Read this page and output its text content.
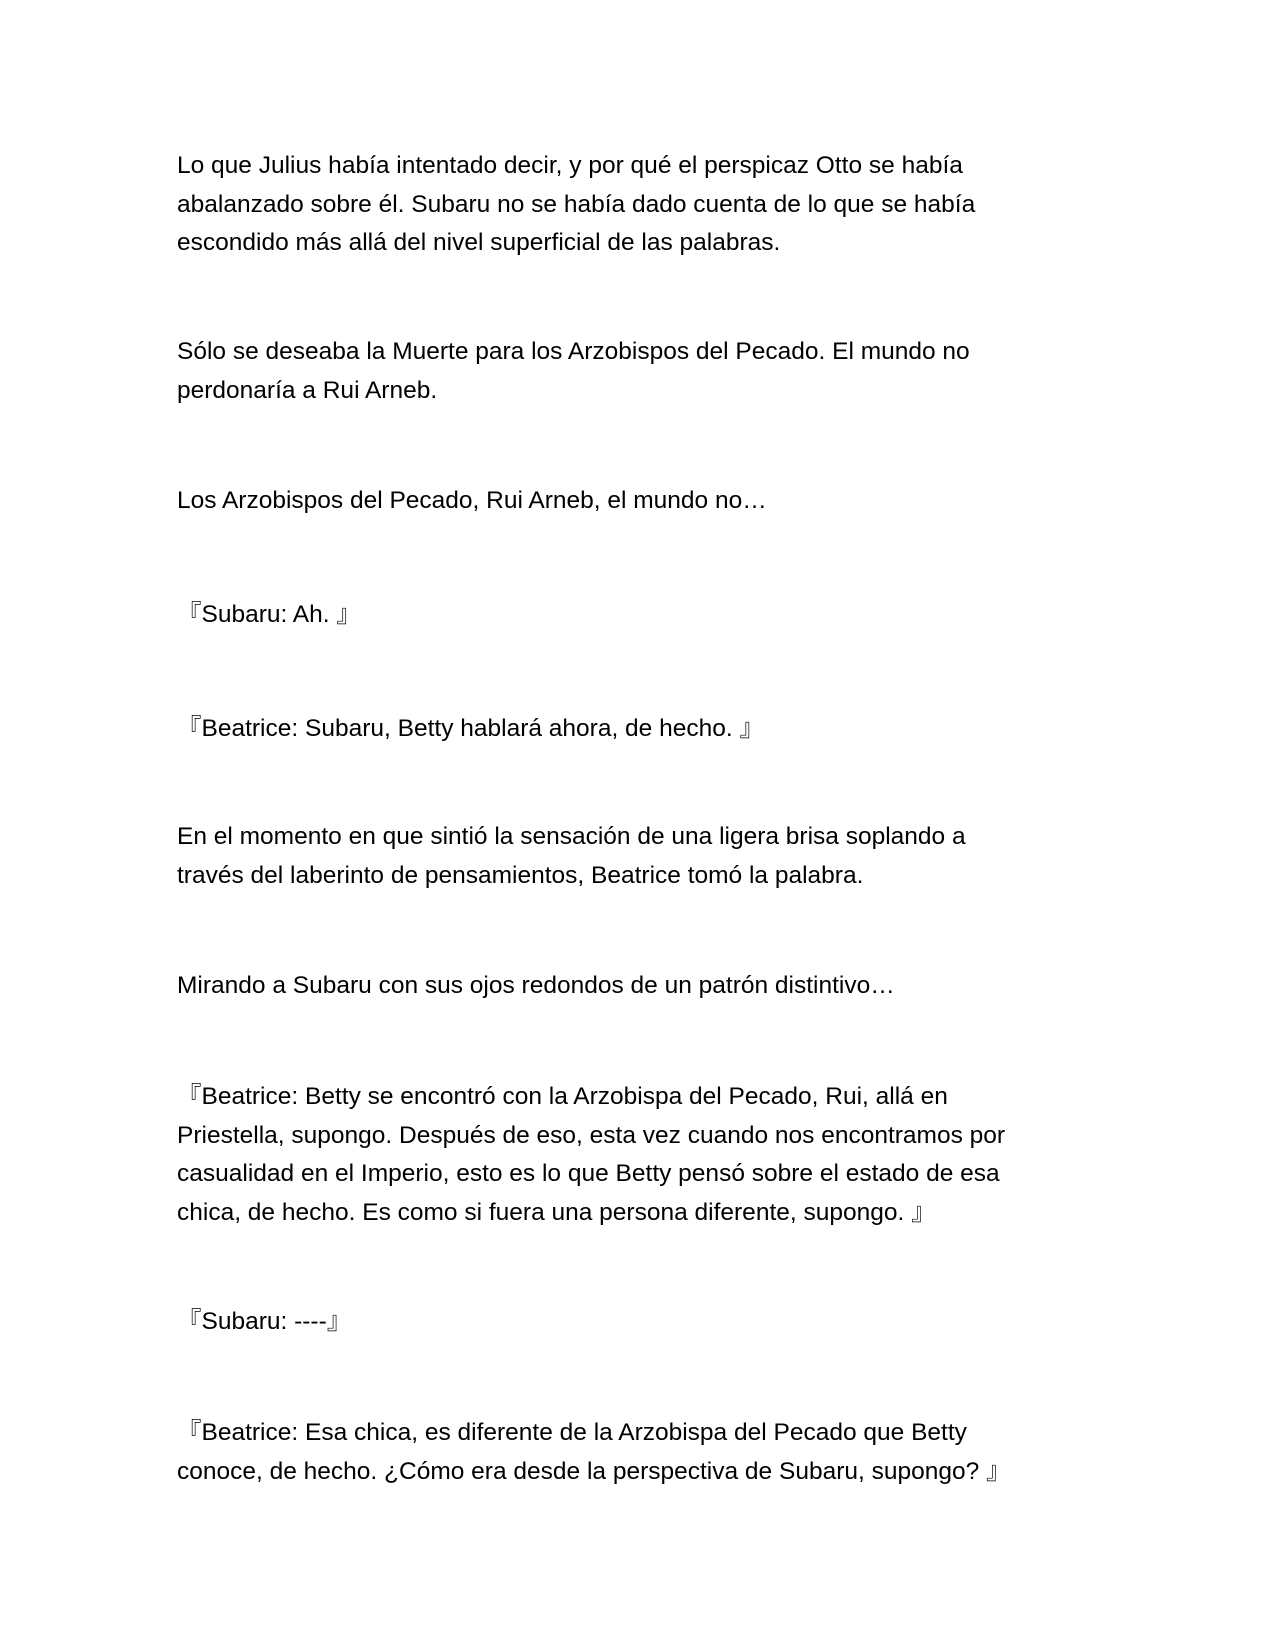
Lo que Julius había intentado decir, y por qué el perspicaz Otto se había
abalanzado sobre él. Subaru no se había dado cuenta de lo que se había
escondido más allá del nivel superficial de las palabras.

Sólo se deseaba la Muerte para los Arzobispos del Pecado. El mundo no
perdonaría a Rui Arneb.

Los Arzobispos del Pecado, Rui Arneb, el mundo no…

『Subaru: Ah. 』

『Beatrice: Subaru, Betty hablará ahora, de hecho. 』

En el momento en que sintió la sensación de una ligera brisa soplando a
través del laberinto de pensamientos, Beatrice tomó la palabra.

Mirando a Subaru con sus ojos redondos de un patrón distintivo…

『Beatrice: Betty se encontró con la Arzobispa del Pecado, Rui, allá en
Priestella, supongo. Después de eso, esta vez cuando nos encontramos por
casualidad en el Imperio, esto es lo que Betty pensó sobre el estado de esa
chica, de hecho. Es como si fuera una persona diferente, supongo. 』

『Subaru: ----』

『Beatrice: Esa chica, es diferente de la Arzobispa del Pecado que Betty
conoce, de hecho. ¿Cómo era desde la perspectiva de Subaru, supongo? 』
